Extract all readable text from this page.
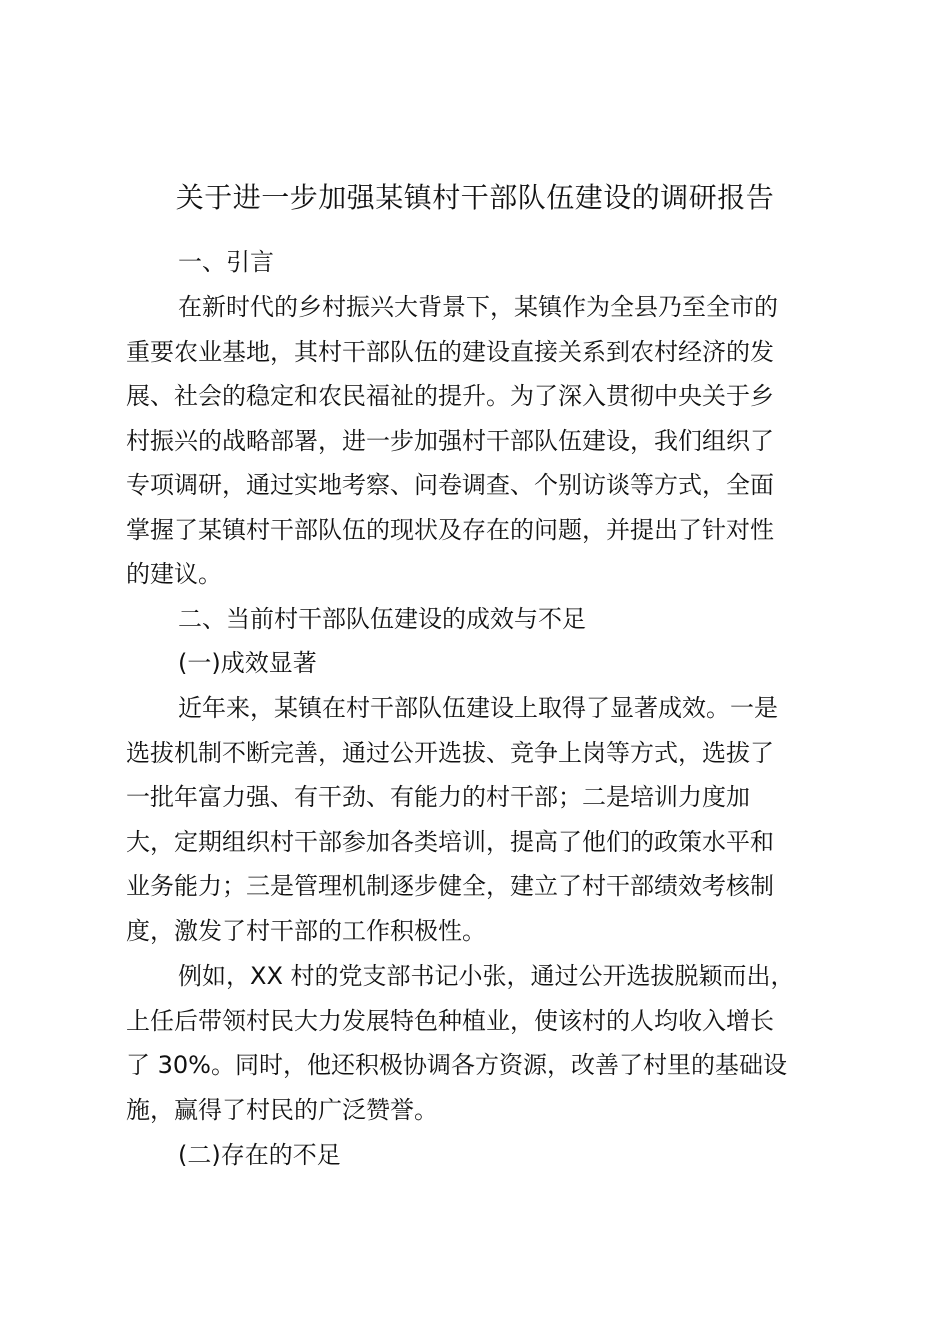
关于进一步加强某镇村干部队伍建设的调研报告
一、引言
在新时代的乡村振兴大背景下，某镇作为全县乃至全市的
重要农业基地，其村干部队伍的建设直接关系到农村经济的发
展、社会的稳定和农民福祉的提升。为了深入贯彻中央关于乡
村振兴的战略部署，进一步加强村干部队伍建设，我们组织了
专项调研，通过实地考察、问卷调查、个别访谈等方式，全面
掌握了某镇村干部队伍的现状及存在的问题，并提出了针对性
的建议。
二、当前村干部队伍建设的成效与不足
(一)成效显著
近年来，某镇在村干部队伍建设上取得了显著成效。一是
选拔机制不断完善，通过公开选拔、竞争上岗等方式，选拔了
一批年富力强、有干劲、有能力的村干部；二是培训力度加
大，定期组织村干部参加各类培训，提高了他们的政策水平和
业务能力；三是管理机制逐步健全，建立了村干部绩效考核制
度，激发了村干部的工作积极性。
例如，XX 村的党支部书记小张，通过公开选拔脱颖而出，
上任后带领村民大力发展特色种植业，使该村的人均收入增长
了 30%。同时，他还积极协调各方资源，改善了村里的基础设
施，赢得了村民的广泛赞誉。
(二)存在的不足
